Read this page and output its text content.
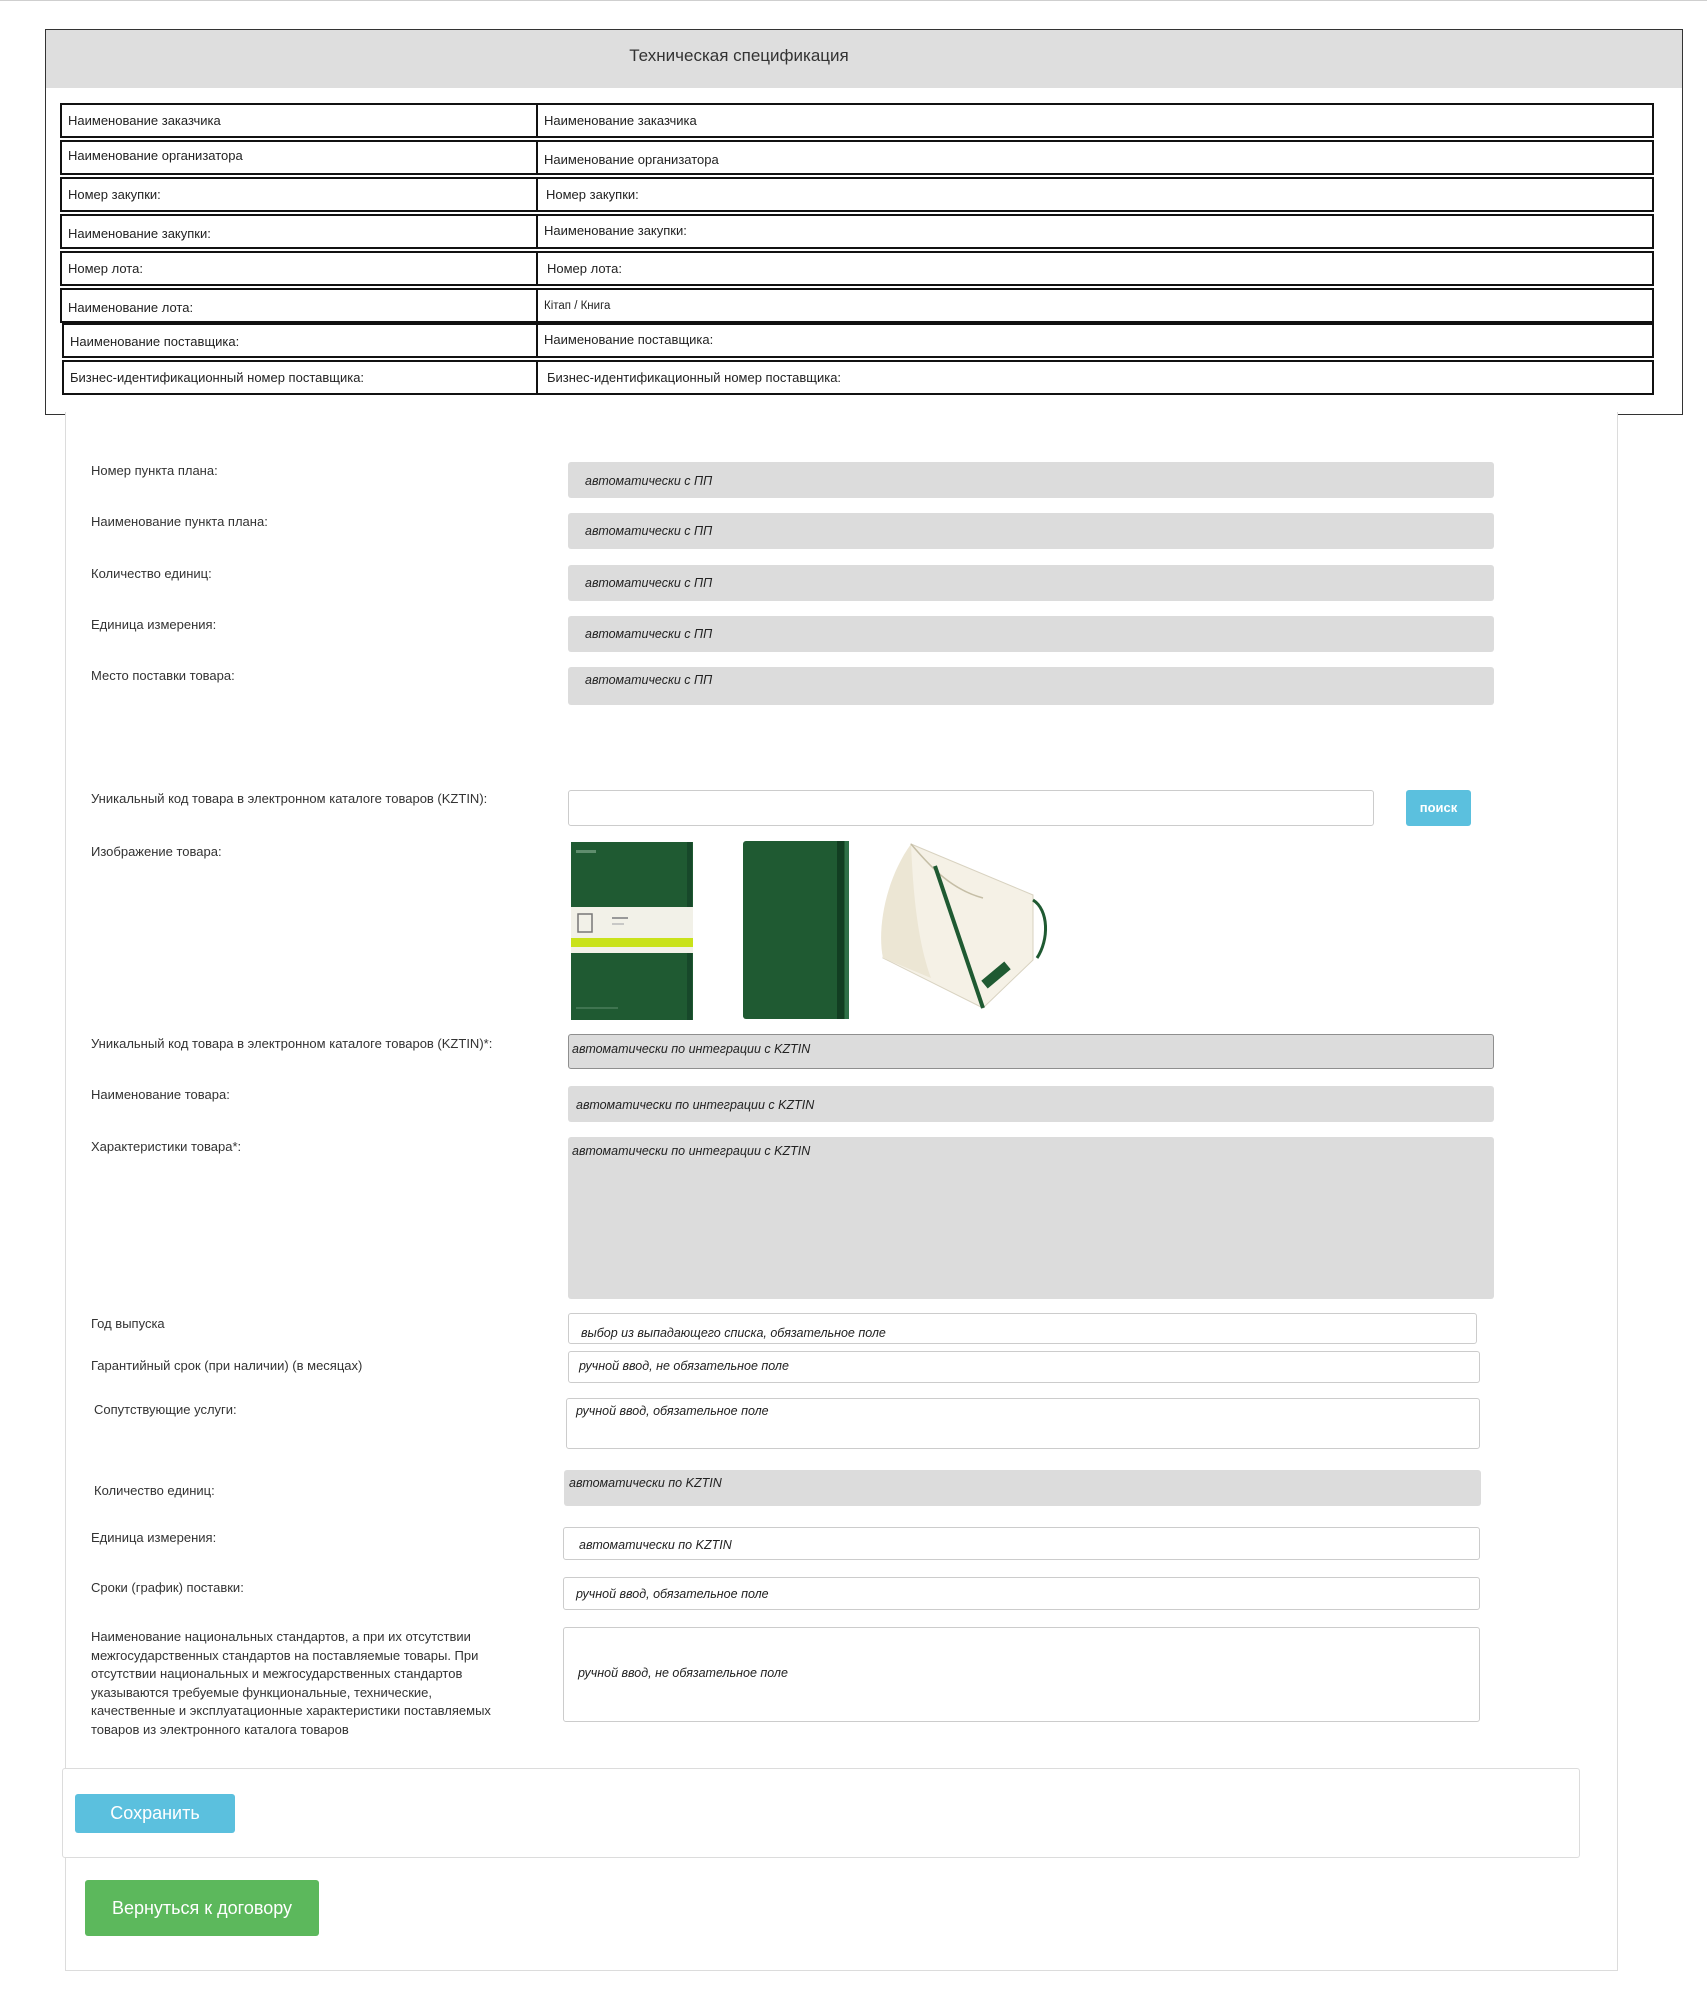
Техническая спецификация
Наименование заказчика	Наименование заказчика
Наименование организатора	Наименование организатора
Номер закупки:	Номер закупки:
Наименование закупки:	Наименование закупки:
Номер лота:	Номер лота:
Наименование лота:	Кітап / Книга
Наименование поставщика:	Наименование поставщика:
Бизнес-идентификационный номер поставщика:	Бизнес-идентификационный номер поставщика:
Номер пункта плана:
автоматически с ПП
Наименование пункта плана:
автоматически с ПП
Количество единиц:
автоматически с ПП
Единица измерения:
автоматически с ПП
Место поставки товара:	автоматически с ПП
Уникальный код товара в электронном каталоге товаров (KZTIN):
поиск
Изображение товара:
Уникальный код товара в электронном каталоге товаров (KZTIN)*:	автоматически по интеграции с KZTIN
Наименование товара:
автоматически по интеграции с KZTIN
Характеристики товара*:	автоматически по интеграции с KZTIN
Год выпуска
выбор из выпадающего списка, обязательное поле
Гарантийный срок (при наличии) (в месяцах)	ручной ввод, не обязательное поле
Сопутствующие услуги:	ручной ввод, обязательное поле
Количество единиц:	автоматически по KZTIN
Единица измерения:	автоматически по KZTIN
Сроки (график) поставки:	ручной ввод, обязательное поле
Наименование национальных стандартов, а при их отсутствии
межгосударственных стандартов на поставляемые товары. При
отсутствии национальных и межгосударственных стандартов
указываются требуемые функциональные, технические,
качественные и эксплуатационные характеристики поставляемых
товаров из электронного каталога товаров
ручной ввод, не обязательное поле
Сохранить
Вернуться к договору
